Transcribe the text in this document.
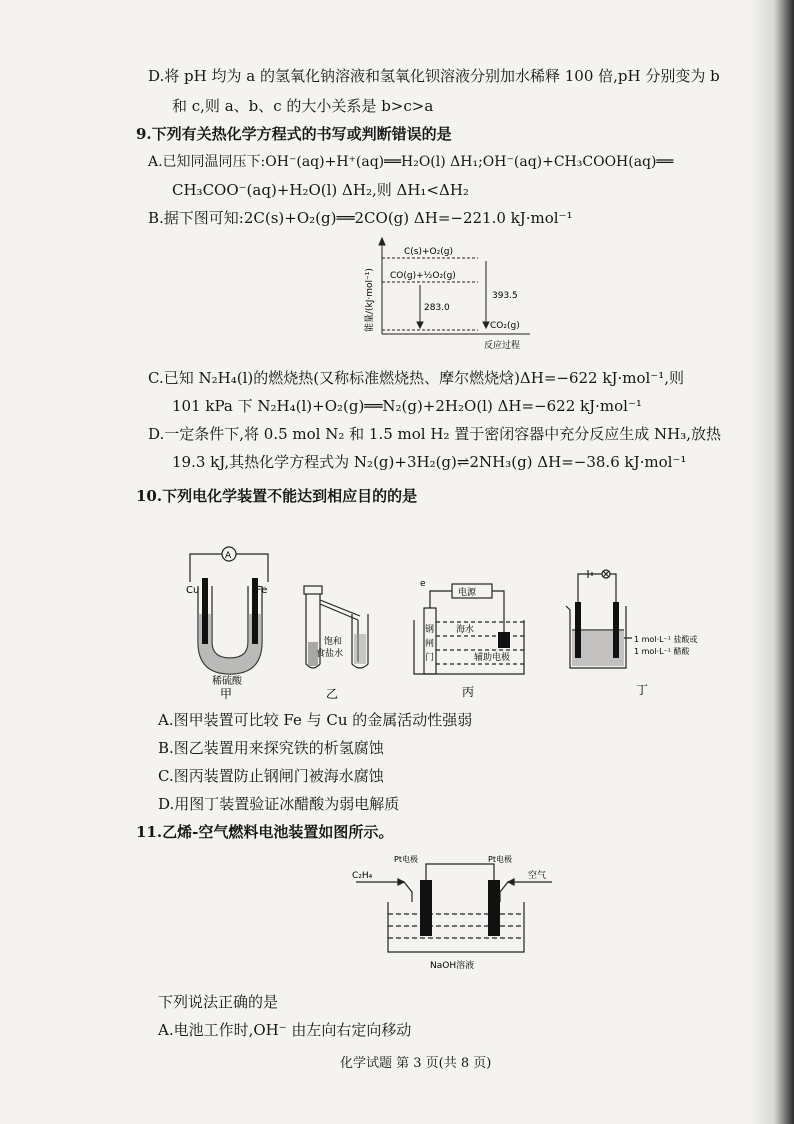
D.将 pH 均为 a 的氢氧化钠溶液和氢氧化钡溶液分别加水稀释 100 倍,pH 分别变为 b
和 c,则 a、b、c 的大小关系是 b>c>a
9.下列有关热化学方程式的书写或判断错误的是
A.已知同温同压下:OH⁻(aq)+H⁺(aq)══H₂O(l) ΔH₁;OH⁻(aq)+CH₃COOH(aq)══
CH₃COO⁻(aq)+H₂O(l) ΔH₂,则 ΔH₁<ΔH₂
B.据下图可知:2C(s)+O₂(g)══2CO(g) ΔH=−221.0 kJ·mol⁻¹
能量/(kJ·mol⁻¹)
C(s)+O₂(g)
CO(g)+½O₂(g)
CO₂(g)
283.0
393.5
反应过程
C.已知 N₂H₄(l)的燃烧热(又称标准燃烧热、摩尔燃烧焓)ΔH=−622 kJ·mol⁻¹,则
101 kPa 下 N₂H₄(l)+O₂(g)══N₂(g)+2H₂O(l) ΔH=−622 kJ·mol⁻¹
D.一定条件下,将 0.5 mol N₂ 和 1.5 mol H₂ 置于密闭容器中充分反应生成 NH₃,放热
19.3 kJ,其热化学方程式为 N₂(g)+3H₂(g)⇌2NH₃(g) ΔH=−38.6 kJ·mol⁻¹
10.下列电化学装置不能达到相应目的的是
A
Cu	Fe
稀硫酸
甲
饱和
食盐水
乙
e
电源
钢
闸
门
海水
辅助电极
丙
1 mol·L⁻¹ 盐酸或
1 mol·L⁻¹ 醋酸
丁
A.图甲装置可比较 Fe 与 Cu 的金属活动性强弱
B.图乙装置用来探究铁的析氢腐蚀
C.图丙装置防止钢闸门被海水腐蚀
D.用图丁装置验证冰醋酸为弱电解质
11.乙烯-空气燃料电池装置如图所示。
Pt电极	Pt电极
C₂H₄	空气
NaOH溶液
下列说法正确的是
A.电池工作时,OH⁻ 由左向右定向移动
化学试题 第 3 页(共 8 页)
